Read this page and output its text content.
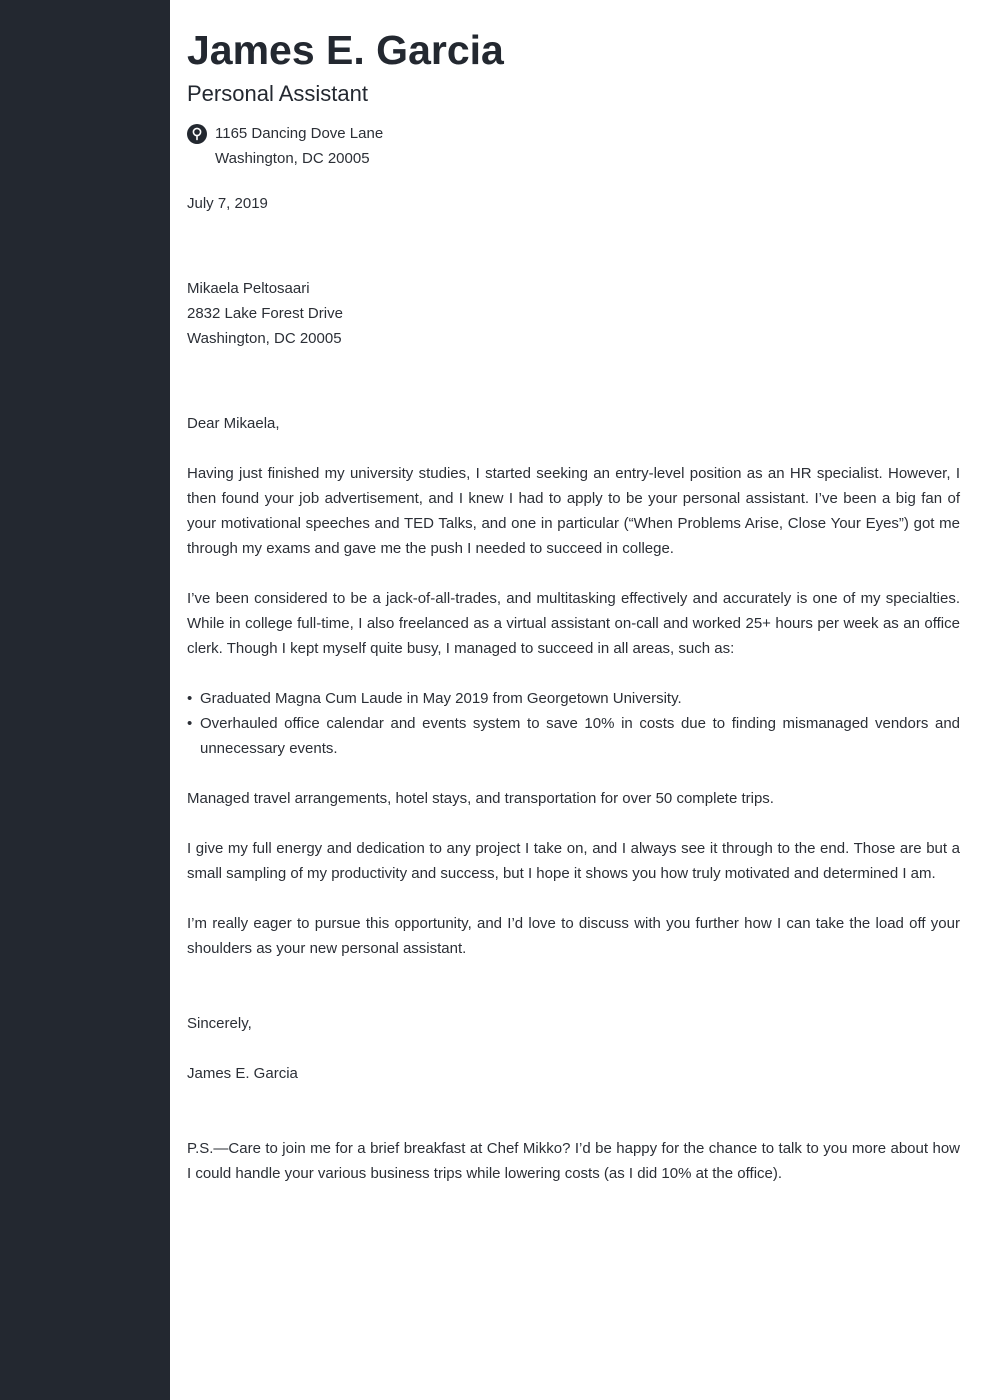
James E. Garcia
Personal Assistant
1165 Dancing Dove Lane
Washington, DC 20005
July 7, 2019
Mikaela Peltosaari
2832 Lake Forest Drive
Washington, DC 20005
Dear Mikaela,

Having just finished my university studies, I started seeking an entry-level position as an HR specialist. However, I then found your job advertisement, and I knew I had to apply to be your personal assistant. I’ve been a big fan of your motivational speeches and TED Talks, and one in particular (“When Problems Arise, Close Your Eyes”) got me through my exams and gave me the push I needed to succeed in college.

I’ve been considered to be a jack-of-all-trades, and multitasking effectively and accurately is one of my specialties. While in college full-time, I also freelanced as a virtual assistant on-call and worked 25+ hours per week as an office clerk. Though I kept myself quite busy, I managed to succeed in all areas, such as:

• Graduated Magna Cum Laude in May 2019 from Georgetown University.
• Overhauled office calendar and events system to save 10% in costs due to finding mismanaged vendors and unnecessary events.

Managed travel arrangements, hotel stays, and transportation for over 50 complete trips.

I give my full energy and dedication to any project I take on, and I always see it through to the end. Those are but a small sampling of my productivity and success, but I hope it shows you how truly motivated and determined I am.

I’m really eager to pursue this opportunity, and I’d love to discuss with you further how I can take the load off your shoulders as your new personal assistant.

Sincerely,
James E. Garcia

P.S.—Care to join me for a brief breakfast at Chef Mikko? I’d be happy for the chance to talk to you more about how I could handle your various business trips while lowering costs (as I did 10% at the office).
